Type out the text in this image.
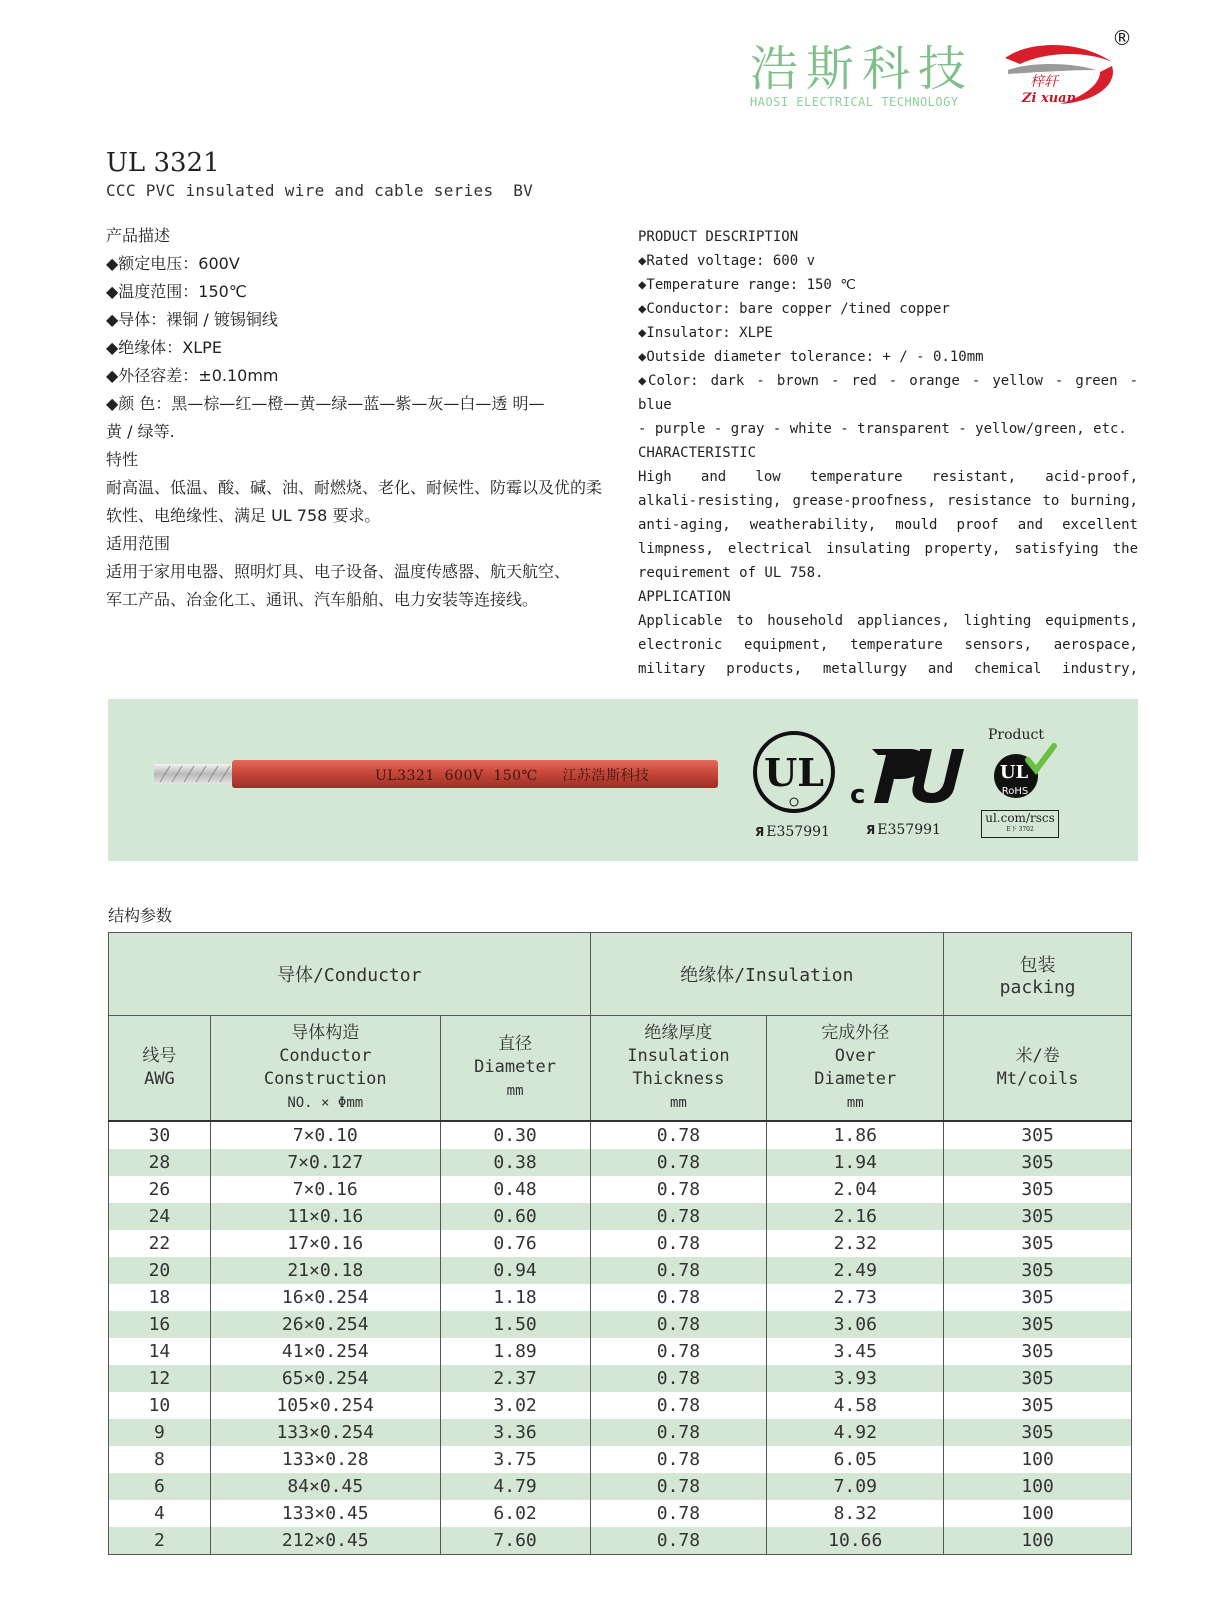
浩斯科技
HAOSI ELECTRICAL TECHNOLOGY
梓轩
Zi xuan
®
UL 3321
CCC PVC insulated wire and cable series  BV

产品描述

◆额定电压：600V

◆温度范围：150℃

◆导体：裸铜 / 镀锡铜线

◆绝缘体：XLPE

◆外径容差：±0.10mm

◆颜 色：黑—棕—红—橙—黄—绿—蓝—紫—灰—白—透 明—

黄 / 绿等.

特性

耐高温、低温、酸、碱、油、耐燃烧、老化、耐候性、防霉以及优的柔

软性、电绝缘性、满足 UL 758 要求。

适用范围

适用于家用电器、照明灯具、电子设备、温度传感器、航天航空、

军工产品、冶金化工、通讯、汽车船舶、电力安装等连接线。

PRODUCT DESCRIPTION

◆Rated voltage: 600 v

◆Temperature range: 150 ℃

◆Conductor: bare copper /tined copper

◆Insulator: XLPE

◆Outside diameter tolerance: + / - 0.10mm

◆Color: dark - brown - red - orange - yellow - green - blue

- purple - gray - white - transparent - yellow/green, etc.

CHARACTERISTIC

High and low temperature resistant, acid-proof,

alkali-resisting, grease-proofness, resistance to burning,

anti-aging, weatherability, mould proof and excellent

limpness, electrical insulating property, satisfying the

requirement of UL 758.

APPLICATION

Applicable to household appliances, lighting equipments,

electronic equipment, temperature sensors, aerospace,

military products, metallurgy and chemical industry,

UL3321  600V  150℃     江苏浩斯科技	UL c
Product
UL
RoHS
Я E357991	Я E357991
ul.com/rscs
E下 3702
结构参数
导体/Conductor			绝缘体/Insulation		包装
packing
线号
AWG	导体构造
Conductor
Construction
NO. × Φmm	直径
Diameter
mm	绝缘厚度
Insulation
Thickness
mm	完成外径
Over
Diameter
mm	米/卷
Mt/coils
30	7×0.10	0.30	0.78	1.86	305
28	7×0.127	0.38	0.78	1.94	305
26	7×0.16	0.48	0.78	2.04	305
24	11×0.16	0.60	0.78	2.16	305
22	17×0.16	0.76	0.78	2.32	305
20	21×0.18	0.94	0.78	2.49	305
18	16×0.254	1.18	0.78	2.73	305
16	26×0.254	1.50	0.78	3.06	305
14	41×0.254	1.89	0.78	3.45	305
12	65×0.254	2.37	0.78	3.93	305
10	105×0.254	3.02	0.78	4.58	305
9	133×0.254	3.36	0.78	4.92	305
8	133×0.28	3.75	0.78	6.05	100
6	84×0.45	4.79	0.78	7.09	100
4	133×0.45	6.02	0.78	8.32	100
2	212×0.45	7.60	0.78	10.66	100
